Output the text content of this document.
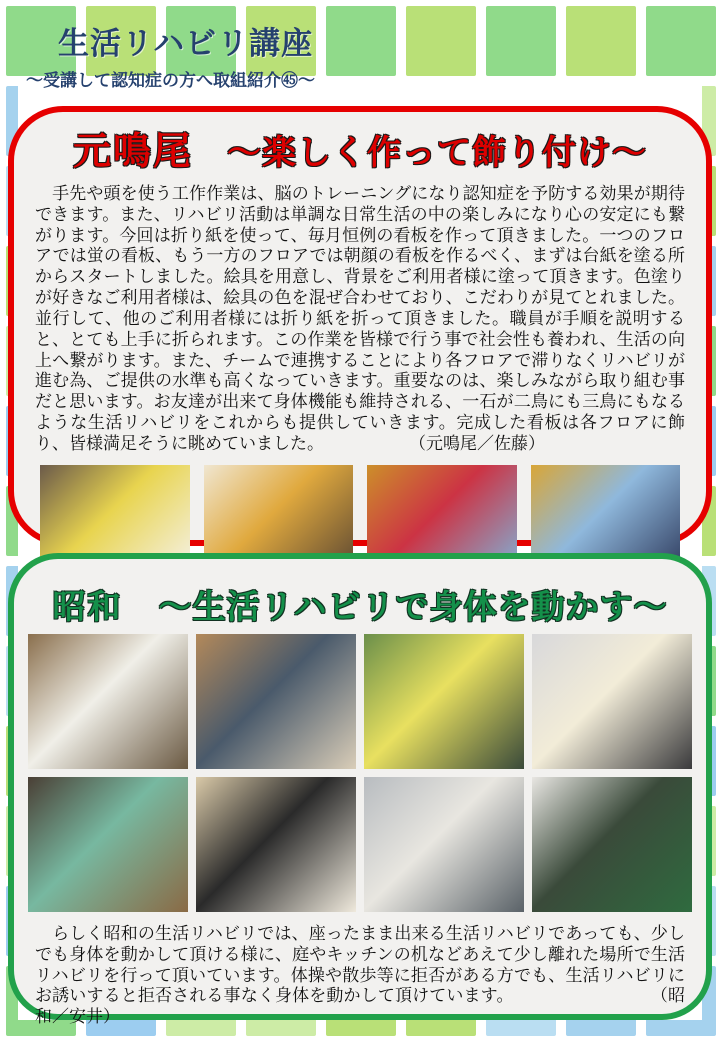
生活リハビリ講座
～受講して認知症の方へ取組紹介㊺～
元鳴尾 ～楽しく作って飾り付け～
　手先や頭を使う工作作業は、脳のトレーニングになり認知症を予防する効果が期待できます。また、リハビリ活動は単調な日常生活の中の楽しみになり心の安定にも繋がります。今回は折り紙を使って、毎月恒例の看板を作って頂きました。一つのフロアでは蛍の看板、もう一方のフロアでは朝顔の看板を作るべく、まずは台紙を塗る所からスタートしました。絵具を用意し、背景をご利用者様に塗って頂きます。色塗りが好きなご利用者様は、絵具の色を混ぜ合わせており、こだわりが見てとれました。並行して、他のご利用者様には折り紙を折って頂きました。職員が手順を説明すると、とても上手に折られます。この作業を皆様で行う事で社会性も養われ、生活の向上へ繋がります。また、チームで連携することにより各フロアで滞りなくリハビリが進む為、ご提供の水準も高くなっていきます。重要なのは、楽しみながら取り組む事だと思います。お友達が出来て身体機能も維持される、一石が二鳥にも三鳥にもなるような生活リハビリをこれからも提供していきます。完成した看板は各フロアに飾り、皆様満足そうに眺めていました。　　　　　　（元鳴尾／佐藤）
昭和 ～生活リハビリで身体を動かす～
　らしく昭和の生活リハビリでは、座ったまま出来る生活リハビリであっても、少しでも身体を動かして頂ける様に、庭やキッチンの机などあえて少し離れた場所で生活リハビリを行って頂いています。体操や散歩等に拒否がある方でも、生活リハビリにお誘いすると拒否される事なく身体を動かして頂けています。　　　　　　　　　（昭和／安井）
